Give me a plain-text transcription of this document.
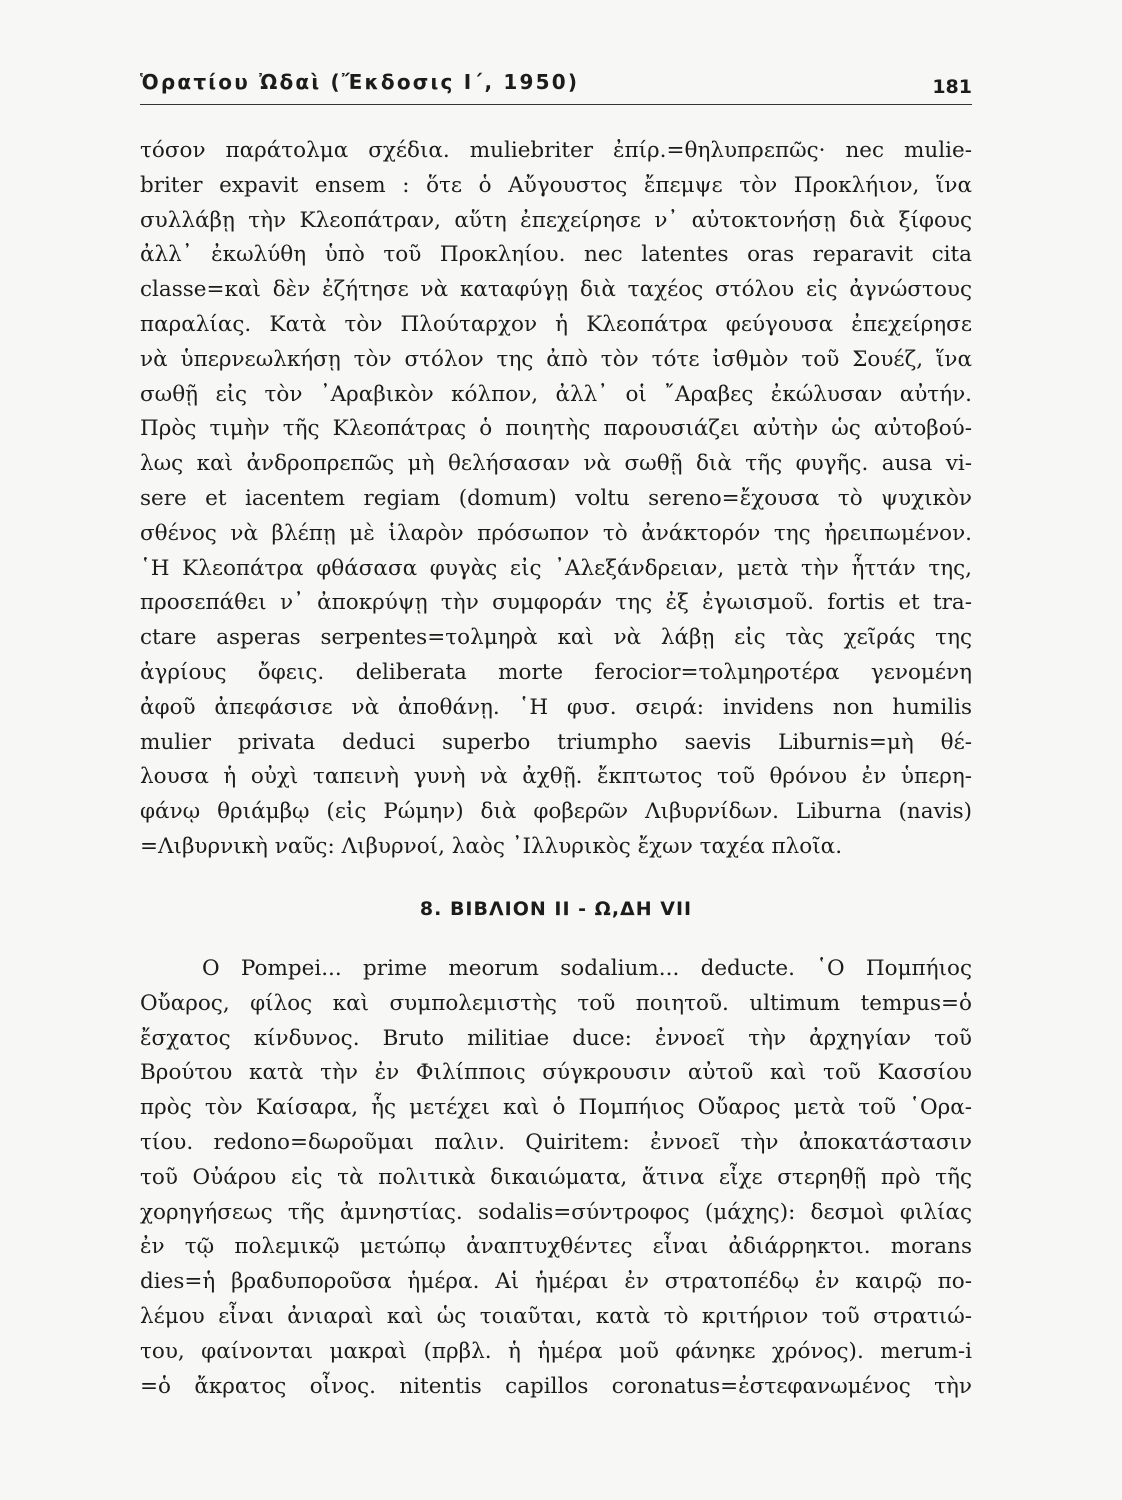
Ὁρατίου Ὠδαὶ (Ἔκδοσις Ι΄, 1950)	181
τόσον παράτολμα σχέδια. muliebriter ἐπίρ.=θηλυπρεπῶς· nec mulie-
briter expavit ensem : ὅτε ὁ Αὔγουστος ἔπεμψε τὸν Προκλήιον, ἵνα
συλλάβῃ τὴν Κλεοπάτραν, αὕτη ἐπεχείρησε ν᾿ αὐτοκτονήσῃ διὰ ξίφους
ἀλλ᾿ ἐκωλύθη ὑπὸ τοῦ Προκληίου. nec latentes oras reparavit cita
classe=καὶ δὲν ἐζήτησε νὰ καταφύγῃ διὰ ταχέος στόλου εἰς ἀγνώστους
παραλίας. Κατὰ τὸν Πλούταρχον ἡ Κλεοπάτρα φεύγουσα ἐπεχείρησε
νὰ ὑπερνεωλκήσῃ τὸν στόλον της ἀπὸ τὸν τότε ἰσθμὸν τοῦ Σουέζ, ἵνα
σωθῇ εἰς τὸν ᾿Αραβικὸν κόλπον, ἀλλ᾿ οἱ ῎Αραβες ἐκώλυσαν αὐτήν.
Πρὸς τιμὴν τῆς Κλεοπάτρας ὁ ποιητὴς παρουσιάζει αὐτὴν ὡς αὐτοβού-
λως καὶ ἀνδροπρεπῶς μὴ θελήσασαν νὰ σωθῇ διὰ τῆς φυγῆς. ausa vi-
sere et iacentem regiam (domum) voltu sereno=ἔχουσα τὸ ψυχικὸν
σθένος νὰ βλέπῃ μὲ ἱλαρὸν πρόσωπον τὸ ἀνάκτορόν της ἠρειπωμένον.
῾Η Κλεοπάτρα φθάσασα φυγὰς εἰς ᾿Αλεξάνδρειαν, μετὰ τὴν ἧττάν της,
προσεπάθει ν᾿ ἀποκρύψῃ τὴν συμφοράν της ἐξ ἐγωισμοῦ. fortis et tra-
ctare asperas serpentes=τολμηρὰ καὶ νὰ λάβῃ εἰς τὰς χεῖράς της
ἀγρίους ὄφεις. deliberata morte ferocior=τολμηροτέρα γενομένη
ἀφοῦ ἀπεφάσισε νὰ ἀποθάνῃ. ῾Η φυσ. σειρά: invidens non humilis
mulier privata deduci superbo triumpho saevis Liburnis=μὴ θέ-
λουσα ἡ οὐχὶ ταπεινὴ γυνὴ νὰ ἀχθῇ. ἔκπτωτος τοῦ θρόνου ἐν ὑπερη-
φάνῳ θριάμβῳ (εἰς Ρώμην) διὰ φοβερῶν Λιβυρνίδων. Liburna (navis)
=Λιβυρνικὴ ναῦς: Λιβυρνοί, λαὸς ᾿Ιλλυρικὸς ἔχων ταχέα πλοῖα.
8. ΒΙΒΛΙΟΝ ΙΙ - Ω,ΔΗ VII
O Pompei... prime meorum sodalium... deducte. ῾Ο Πομπήιος
Οὔαρος, φίλος καὶ συμπολεμιστὴς τοῦ ποιητοῦ. ultimum tempus=ὁ
ἔσχατος κίνδυνος. Bruto militiae duce: ἐννοεῖ τὴν ἀρχηγίαν τοῦ
Βρούτου κατὰ τὴν ἐν Φιλίπποις σύγκρουσιν αὐτοῦ καὶ τοῦ Κασσίου
πρὸς τὸν Καίσαρα, ἧς μετέχει καὶ ὁ Πομπήιος Οὔαρος μετὰ τοῦ ῾Ορα-
τίου. redono=δωροῦμαι παλιν. Quiritem: ἐννοεῖ τὴν ἀποκατάστασιν
τοῦ Οὐάρου εἰς τὰ πολιτικὰ δικαιώματα, ἅτινα εἶχε στερηθῇ πρὸ τῆς
χορηγήσεως τῆς ἀμνηστίας. sodalis=σύντροφος (μάχης): δεσμοὶ φιλίας
ἐν τῷ πολεμικῷ μετώπῳ ἀναπτυχθέντες εἶναι ἀδιάρρηκτοι. morans
dies=ἡ βραδυποροῦσα ἡμέρα. Αἱ ἡμέραι ἐν στρατοπέδῳ ἐν καιρῷ πο-
λέμου εἶναι ἀνιαραὶ καὶ ὡς τοιαῦται, κατὰ τὸ κριτήριον τοῦ στρατιώ-
του, φαίνονται μακραὶ (πρβλ. ἡ ἡμέρα μοῦ φάνηκε χρόνος). merum-i
=ὁ ἄκρατος οἶνος. nitentis capillos coronatus=ἐστεφανωμένος τὴν
